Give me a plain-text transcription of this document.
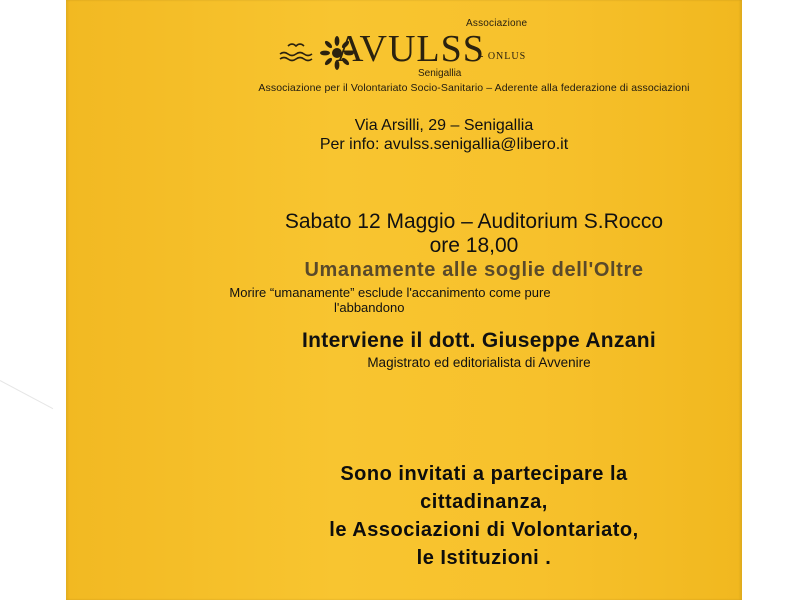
Associazione
AVULSS
Senigallia
- ONLUS
Associazione per il Volontariato Socio-Sanitario – Aderente alla federazione di associazioni
Via Arsilli, 29 – Senigallia
Per info: avulss.senigallia@libero.it
Sabato 12 Maggio – Auditorium S.Rocco
ore 18,00
Umanamente alle soglie dell'Oltre
Morire “umanamente” esclude l'accanimento come pure
l'abbandono
Interviene il dott. Giuseppe Anzani
Magistrato ed editorialista di Avvenire
Sono invitati a partecipare la
cittadinanza,
le Associazioni di Volontariato,
le Istituzioni .
